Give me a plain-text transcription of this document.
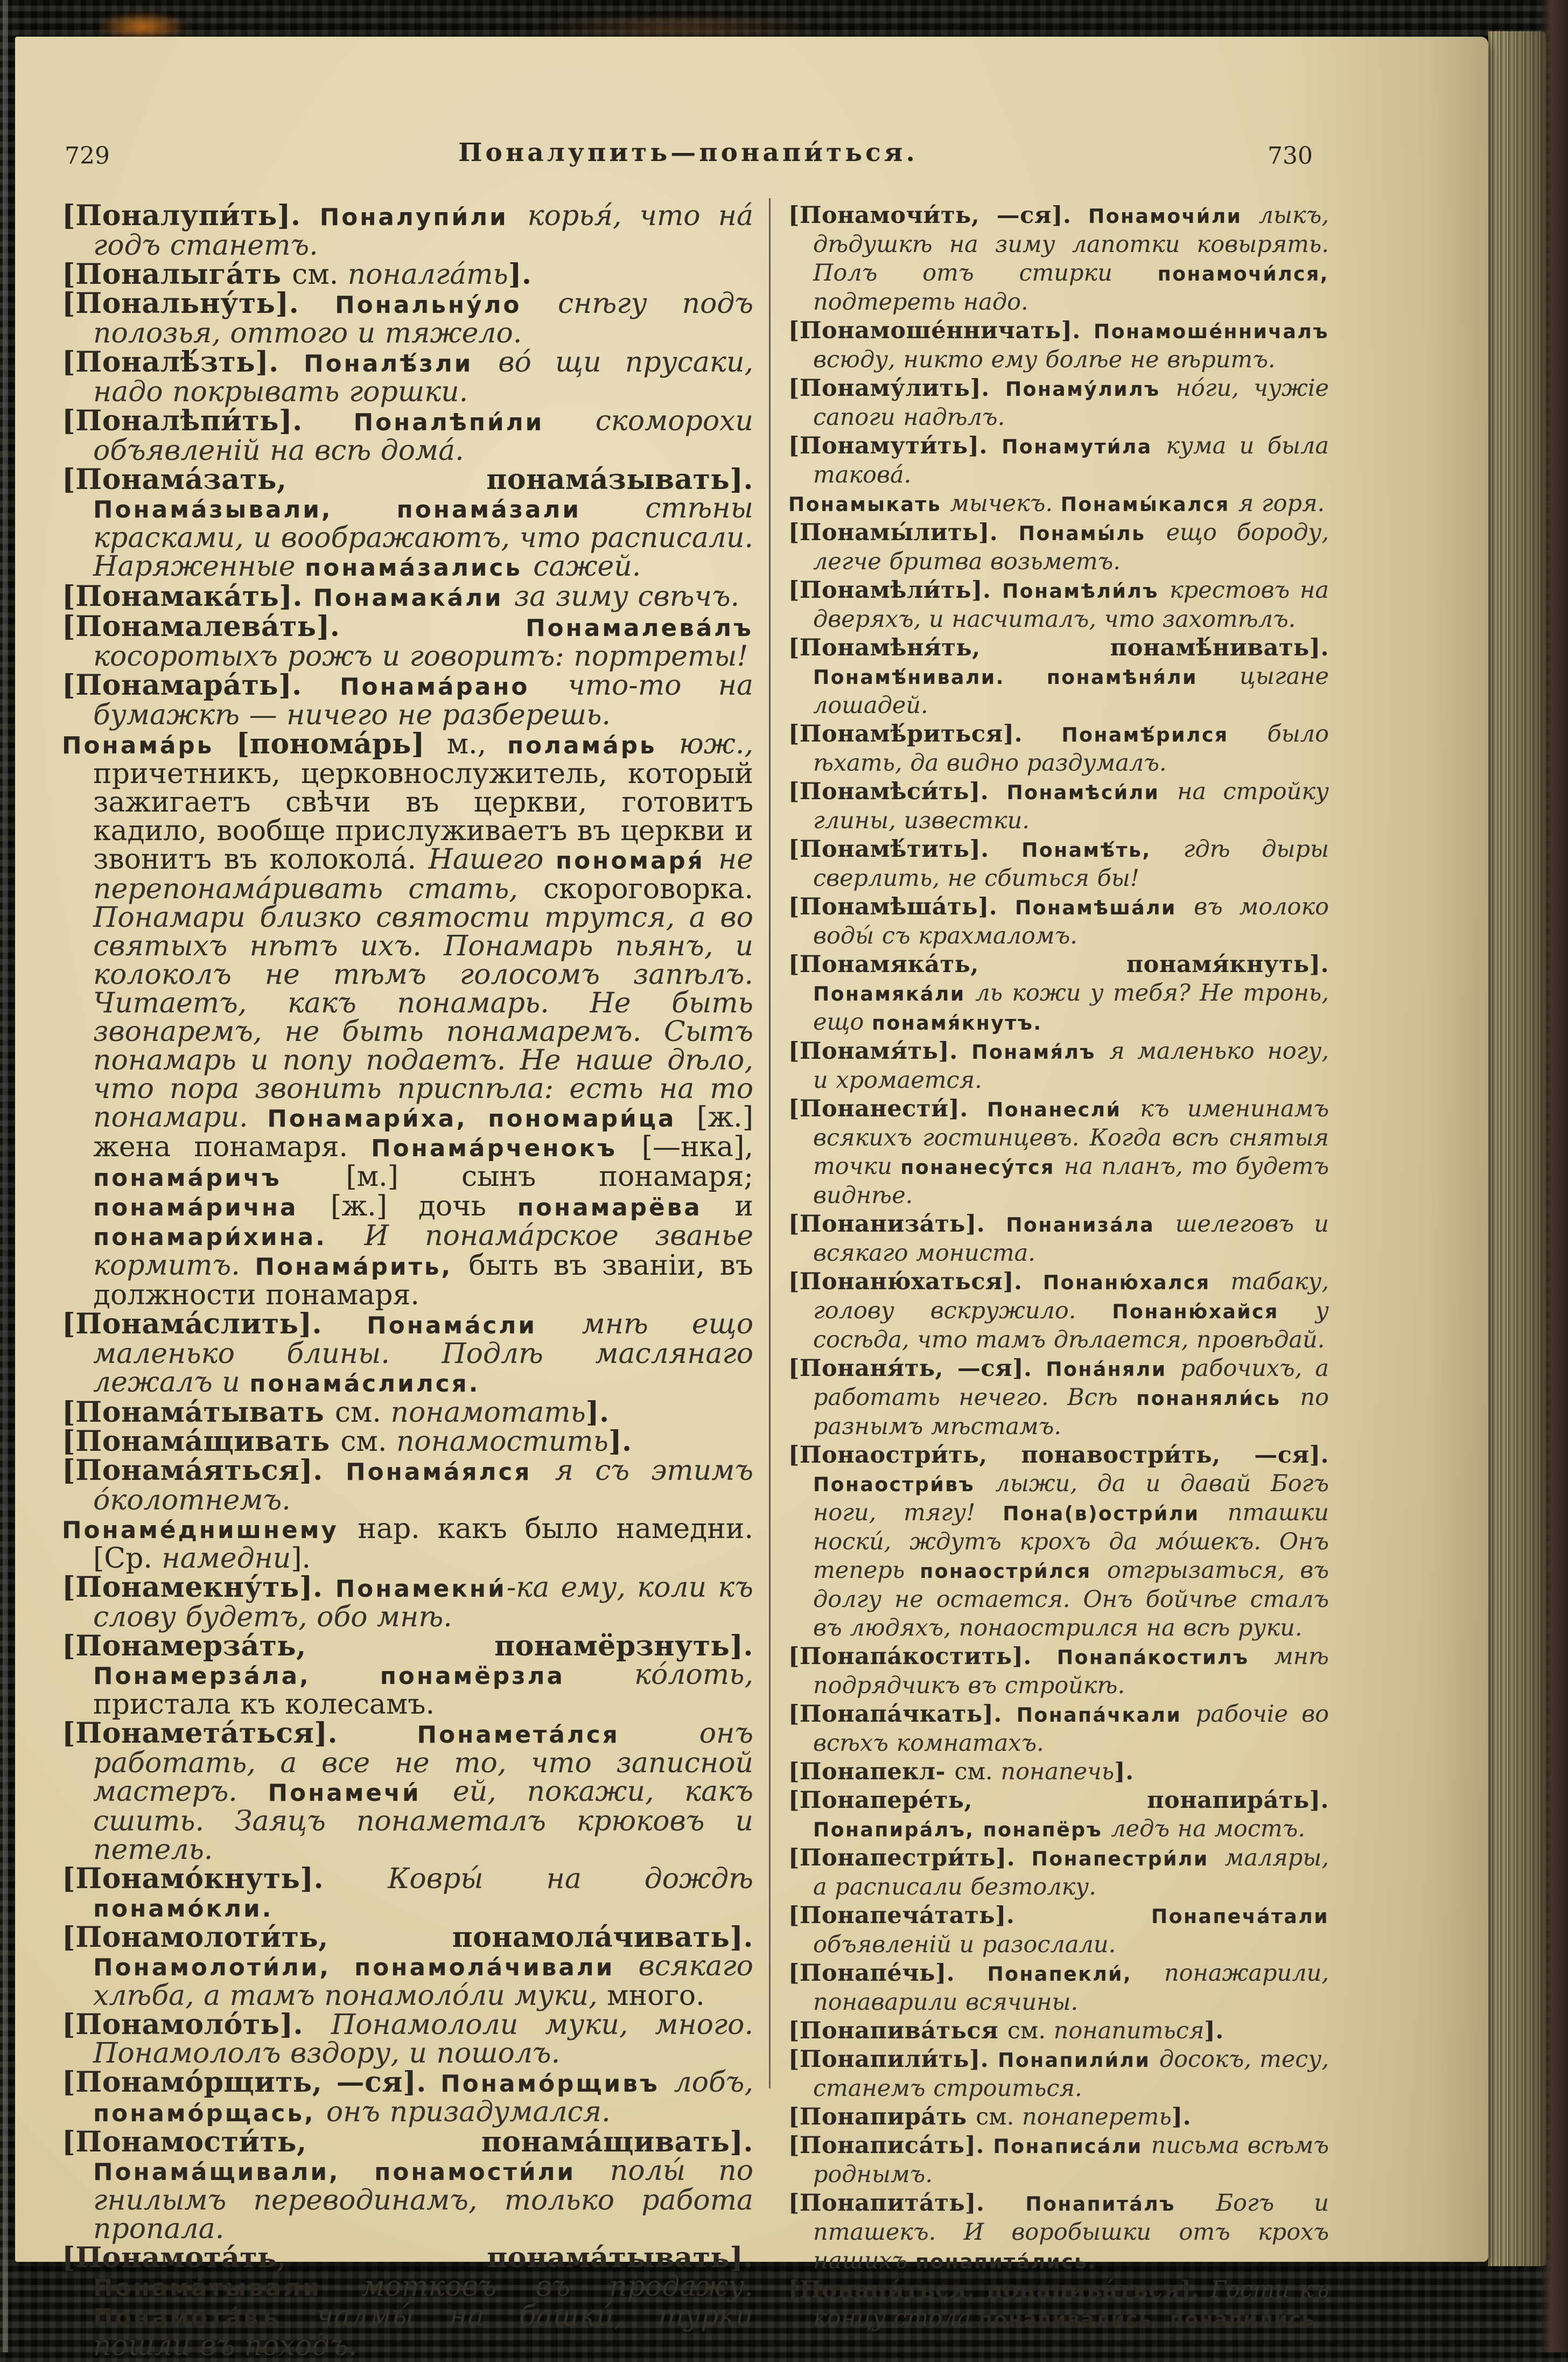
729	Поналупить—понапи́ться.	730

[Поналупи́ть]. Поналупи́ли корья́, что на́ годъ станетъ.

[Поналыга́ть см. поналга́ть].

[Пональну́ть]. Пональну́ло снѣгу подъ полозья, оттого и тяжело.

[Поналѣ́зть]. Поналѣ́зли во́ щи прусаки, надо покрывать горшки.

[Поналѣпи́ть]. Поналѣпи́ли скоморохи объявленій на всѣ дома́.

[Понама́зать, понама́зывать]. Понама́зывали, понама́зали стѣны красками, и воображаютъ, что расписали. Наряженные понама́зались сажей.

[Понамака́ть]. Понамака́ли за зиму свѣчъ.

[Понамалева́ть]. Понамалева́лъ косоротыхъ рожъ и говоритъ: портреты!

[Понамара́ть]. Понама́рано что-то на бумажкѣ — ничего не разберешь.

Понама́рь [понома́рь] м., полама́рь юж., причетникъ, церковнослужитель, который зажигаетъ свѣчи въ церкви, готовитъ кадило, вообще прислуживаетъ въ церкви и звонитъ въ колокола́. Нашего пономаря́ не перепонама́ривать стать, скороговорка. Понамари близко святости трутся, а во святыхъ нѣтъ ихъ. Понамарь пьянъ, и колоколъ не тѣмъ голосомъ запѣлъ. Читаетъ, какъ понамарь. Не быть звонаремъ, не быть понамаремъ. Сытъ понамарь и попу подаетъ. Не наше дѣло, что пора звонить приспѣла: есть на то понамари. Понамари́ха, пономари́ца [ж.] жена понамаря. Понама́рченокъ [—нка], понама́ричъ [м.] сынъ понамаря; понама́рична [ж.] дочь понамарёва и понамари́хина. И понама́рское званье кормитъ. Понама́рить, быть въ званіи, въ должности понамаря.

[Понама́слить]. Понама́сли мнѣ ещо маленько блины. Подлѣ маслянаго лежалъ и понама́слился.

[Понама́тывать см. понамотать].

[Понама́щивать см. понамостить].

[Понама́яться]. Понама́ялся я съ этимъ о́колотнемъ.

Понаме́днишнему нар. какъ было намедни. [Ср. намедни].

[Понамекну́ть]. Понамекни́-ка ему, коли къ слову будетъ, обо мнѣ.

[Понамерза́ть, понамёрзнуть]. Понамерза́ла, понамёрзла ко́лоть, пристала къ колесамъ.

[Понамета́ться]. Понамета́лся онъ работать, а все не то, что записной мастеръ. Понамечи́ ей, покажи, какъ сшить. Заяцъ понаметалъ крюковъ и петель.

[Понамо́кнуть]. Ковры́ на дождѣ понамо́кли.

[Понамолоти́ть, понамола́чивать]. Понамолоти́ли, понамола́чивали всякаго хлѣба, а тамъ понамоло́ли муки, много.

[Понамоло́ть]. Понамололи муки, много. Понамололъ вздору, и пошолъ.

[Понамо́рщить, —ся]. Понамо́рщивъ лобъ, понамо́рщась, онъ призадумался.

[Понамости́ть, понама́щивать]. Понама́щивали, понамости́ли полы́ по гнилымъ переводинамъ, только работа пропала.

[Понамота́ть, понама́тывать]. Понама́тывали мотковъ въ продажу. Понамота́въ чалмы́ на башки́, турки пошли въ походъ.

[Понамочи́ть, —ся]. Понамочи́ли лыкъ, дѣдушкѣ на зиму лапотки ковырять. Полъ отъ стирки понамочи́лся, подтереть надо.

[Понамоше́нничать]. Понамоше́нничалъ всюду, никто ему болѣе не вѣритъ.

[Понаму́лить]. Понаму́лилъ но́ги, чужіе сапоги надѣлъ.

[Понамути́ть]. Понамути́ла кума и была такова́.

Понамыкать мычекъ. Понамы́кался я горя.

[Понамы́лить]. Понамы́ль ещо бороду, легче бритва возьметъ.

[Понамѣли́ть]. Понамѣли́лъ крестовъ на дверяхъ, и насчиталъ, что захотѣлъ.

[Понамѣня́ть, понамѣ́нивать]. Понамѣ́нивали. понамѣня́ли цыгане лошадей.

[Понамѣ́риться]. Понамѣ́рился было ѣхать, да видно раздумалъ.

[Понамѣси́ть]. Понамѣси́ли на стройку глины, известки.

[Понамѣ́тить]. Понамѣ́ть, гдѣ дыры сверлить, не сбиться бы!

[Понамѣша́ть]. Понамѣша́ли въ молоко воды́ съ крахмаломъ.

[Понамяка́ть, понамя́кнуть]. Понамяка́ли ль кожи у тебя? Не тронь, ещо понамя́кнутъ.

[Понамя́ть]. Понамя́лъ я маленько ногу, и хромается.

[Понанести́]. Понанесли́ къ именинамъ всякихъ гостинцевъ. Когда всѣ снятыя точки понанесу́тся на планъ, то будетъ виднѣе.

[Понаниза́ть]. Понаниза́ла шелеговъ и всякаго мониста.

[Понаню́хаться]. Понаню́хался табаку, голову вскружило. Понаню́хайся у сосѣда, что тамъ дѣлается, провѣдай.

[Понаня́ть, —ся]. Пона́няли рабочихъ, а работать нечего. Всѣ понаняли́сь по разнымъ мѣстамъ.

[Понаостри́ть, понавостри́ть, —ся]. Понаостри́въ лыжи, да и давай Богъ ноги, тягу! Пона(в)остри́ли пташки носки́, ждутъ крохъ да мо́шекъ. Онъ теперь понаостри́лся отгрызаться, въ долгу не остается. Онъ бойчѣе сталъ въ людяхъ, понаострился на всѣ руки.

[Понапа́костить]. Понапа́костилъ мнѣ подрядчикъ въ стройкѣ.

[Понапа́чкать]. Понапа́чкали рабочіе во всѣхъ комнатахъ.

[Понапекл- см. понапечь].

[Понапере́ть, понапира́ть]. Понапира́лъ, понапёръ ледъ на мостъ.

[Понапестри́ть]. Понапестри́ли маляры, а расписали безтолку.

[Понапеча́тать]. Понапеча́тали объявленій и разослали.

[Понапе́чь]. Понапекли́, понажарили, понаварили всячины.

[Понапива́ться см. понапиться].

[Понапили́ть]. Понапили́ли досокъ, тесу, станемъ строиться.

[Понапира́ть см. понапереть].

[Понаписа́ть]. Понаписа́ли письма всѣмъ роднымъ.

[Понапита́ть]. Понапита́лъ Богъ и пташекъ. И воробышки отъ крохъ нашихъ понапита́лись.

[Понапи́ться, понапива́ться]. Гости къ концу стола понапива́лись, понапили́сь.
